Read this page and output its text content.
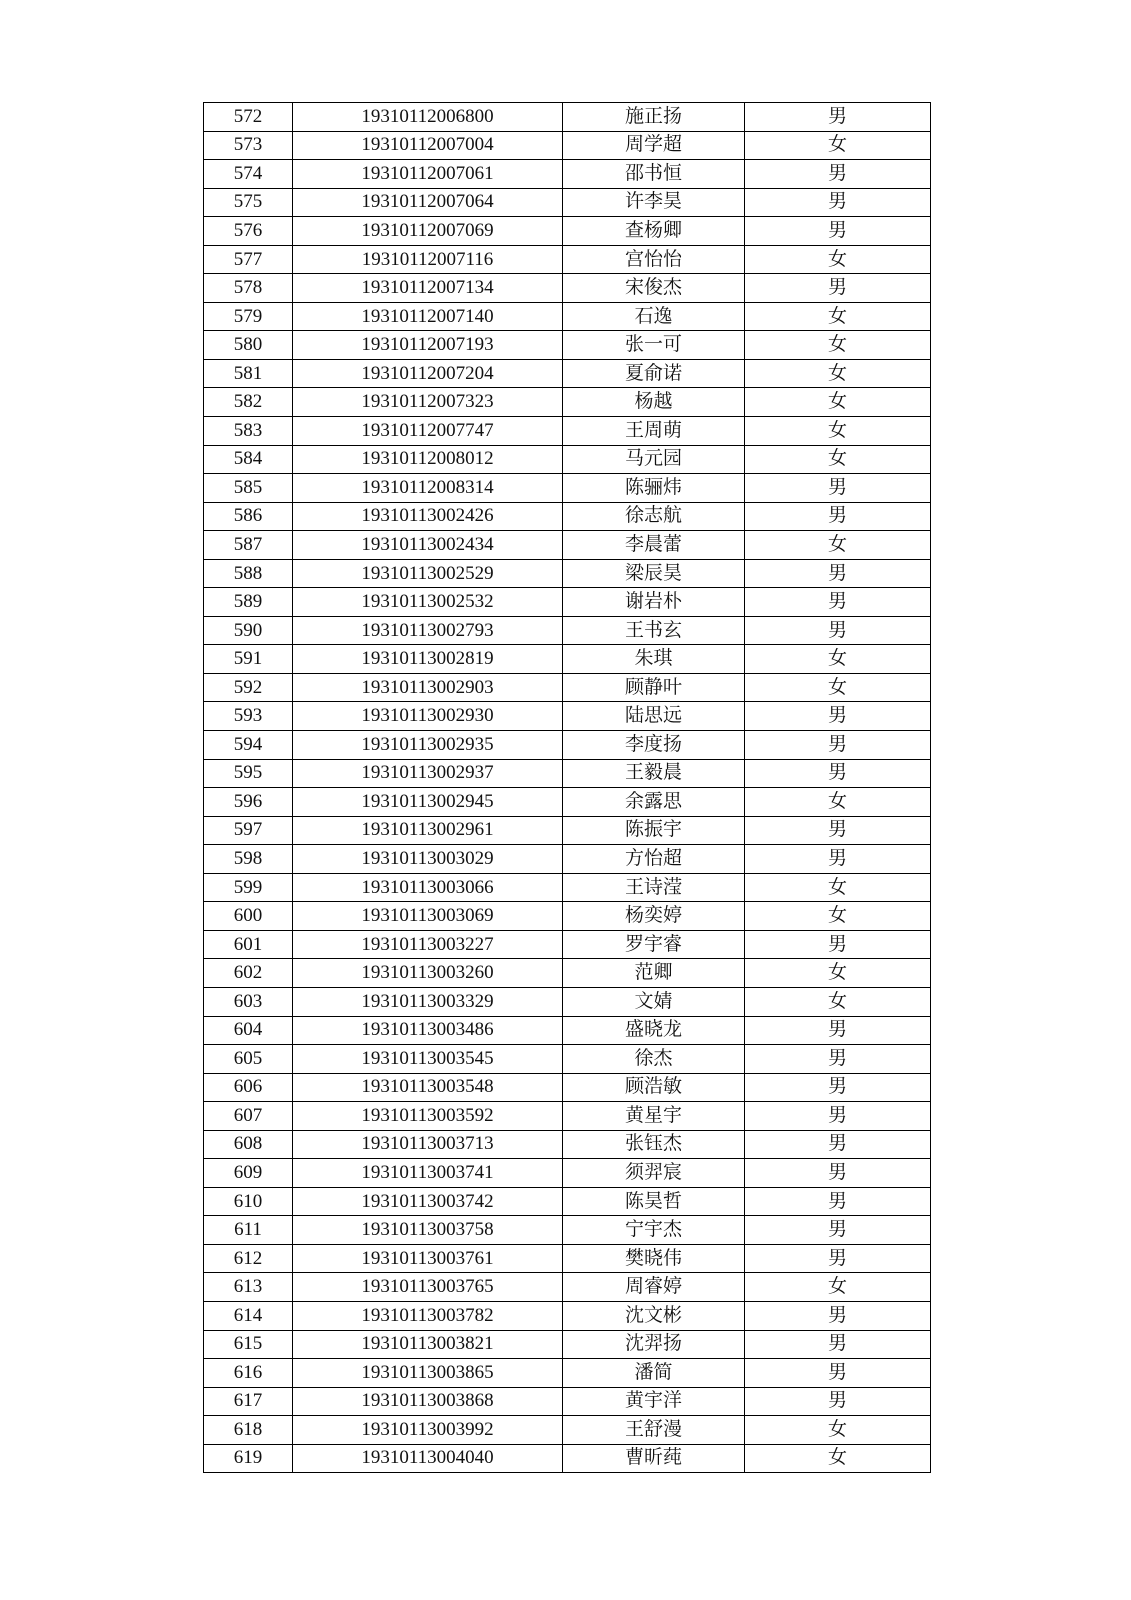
572	19310112006800	施正扬	男
573	19310112007004	周学超	女
574	19310112007061	邵书恒	男
575	19310112007064	许李昊	男
576	19310112007069	查杨卿	男
577	19310112007116	宫怡怡	女
578	19310112007134	宋俊杰	男
579	19310112007140	石逸	女
580	19310112007193	张一可	女
581	19310112007204	夏俞诺	女
582	19310112007323	杨越	女
583	19310112007747	王周萌	女
584	19310112008012	马元园	女
585	19310112008314	陈骊炜	男
586	19310113002426	徐志航	男
587	19310113002434	李晨蕾	女
588	19310113002529	梁辰昊	男
589	19310113002532	谢岩朴	男
590	19310113002793	王书玄	男
591	19310113002819	朱琪	女
592	19310113002903	顾静叶	女
593	19310113002930	陆思远	男
594	19310113002935	李度扬	男
595	19310113002937	王毅晨	男
596	19310113002945	余露思	女
597	19310113002961	陈振宇	男
598	19310113003029	方怡超	男
599	19310113003066	王诗滢	女
600	19310113003069	杨奕婷	女
601	19310113003227	罗宇睿	男
602	19310113003260	范卿	女
603	19310113003329	文婧	女
604	19310113003486	盛晓龙	男
605	19310113003545	徐杰	男
606	19310113003548	顾浩敏	男
607	19310113003592	黄星宇	男
608	19310113003713	张钰杰	男
609	19310113003741	须羿宸	男
610	19310113003742	陈昊哲	男
611	19310113003758	宁宇杰	男
612	19310113003761	樊晓伟	男
613	19310113003765	周睿婷	女
614	19310113003782	沈文彬	男
615	19310113003821	沈羿扬	男
616	19310113003865	潘简	男
617	19310113003868	黄宇洋	男
618	19310113003992	王舒漫	女
619	19310113004040	曹昕莼	女
